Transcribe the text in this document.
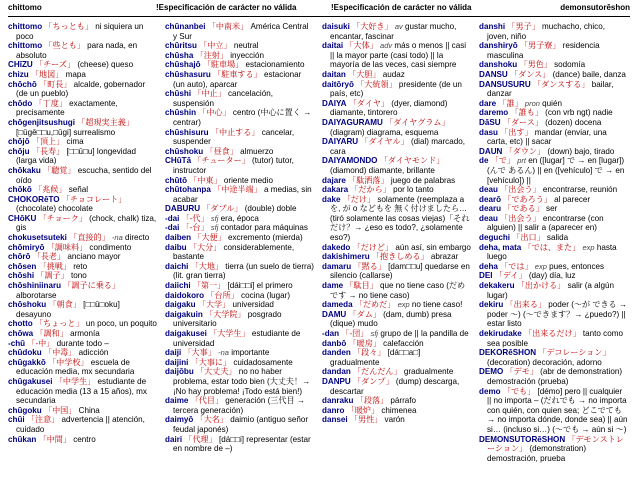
chittomo	!Especificación de carácter no válida	!Especificación de carácter no válida	demonsutorēshon
chittomo 「ちっとも」 ni siquiera un poco
chittomo 「些とも」 para nada, en absoluto
CHīZU 「チーズ」 (cheese) queso
chizu 「地図」 mapa
chōchō 「町長」 alcalde, gobernador (de un pueblo)
chōdo 「丁度」 exactamente, precisamente
chōgenjitsushugi 「超現実主義」 [□ūgē□□u,□ūgi] surrealismo
chōjō 「頂上」 cima
chōju 「長寿」 [□□ū□u] longevidad (larga vida)
chōkaku 「聴覚」 escucha, sentido del oído
chōkō 「兆候」 señal
CHOKORēTO 「チョコレート」 (chocolate) chocolate
CHōKU 「チョーク」 (chock, chalk) tiza, gis
chokusetsuteki 「直接的」 -na directo
chōmiryō 「調味料」 condimento
chōrō 「長老」 anciano mayor
chōsen 「挑戦」 reto
chōshi 「調子」 tono
chōshiniinaru 「調子に乗る」 alborotarse
chōshoku 「朝食」 [□□ū□oku] desayuno
chotto 「ちょっと」 un poco, un poquito
chōwa 「調和」 armonía
-chū 「-中」 durante todo –
chūdoku 「中毒」 adicción
chūgakkō 「中学校」 escuela de educación media, mx secundaria
chūgakusei 「中学生」 estudiante de educación media (13 a 15 años), mx secundaria
chūgoku 「中国」 China
chūi 「注意」 advertencia || atención, cuidado
chūkan 「中間」 centro
chūnanbei 「中南米」 América Central y Sur
chūritsu 「中立」 neutral
chūsha 「注射」 inyección
chūshajō 「駐車場」 estacionamiento
chūshasuru 「駐車する」 estacionar (un auto), aparcar
chūshi 「中止」 cancelación, suspensión
chūshin 「中心」 centro (中心に置く → centrar)
chūshisuru 「中止する」 cancelar, suspender
chūshoku 「昼食」 almuerzo
CHūTā 「チューター」 (tutor) tutor, instructor
chūtō 「中東」 oriente medio
chūtohanpa 「中途半端」 a medias, sin acabar
DABURU 「ダブル」 (double) doble
-dai 「-代」 sfj era, época
-dai 「-台」 sfj contador para máquinas
daiben 「大便」 excremento (mierda)
daibu 「大分」 considerablemente, bastante
daichi 「大地」 tierra (un suelo de tierra) (lit. gran tierra)
daiichi 「第一」 [dái□□i] el primero
daidokoro 「台所」 cocina (lugar)
daigaku 「大学」 universidad
daigakuin 「大学院」 posgrado universitario
daigakusei 「大学生」 estudiante de universidad
daiji 「大事」 -na importante
daijini 「大事に」 cuidadosamente
daijōbu 「大丈夫」 no no haber problema, estar todo bien (大丈夫！→ ¡No hay problema! ¡Todo está bien!)
daime 「代目」 generación (三代目 → tercera generación)
daimyō 「大名」 daimio (antiguo señor feudal japonés)
dairi 「代理」 [dá□□i] representar (estar en nombre de –)
daisuki 「大好き」 av gustar mucho, encantar, fascinar
daitai 「大体」 adv más o menos || casi || la mayor parte (casi todo) || la mayoría de las veces, casi siempre
daitan 「大胆」 audaz
daitōryō 「大統領」 presidente (de un país, etc)
DAIYA 「ダイヤ」 (dyer, diamond) diamante, tintorero
DAIYAGURAMU 「ダイヤグラム」 (diagram) diagrama, esquema
DAIYARU 「ダイヤル」 (dial) marcado, cara
DAIYAMONDO 「ダイヤモンド」 (diamond) diamante, brillante
dajare 「駄洒落」 juego de palabras
dakara 「だから」 por lo tanto
dake 「だけ」 solamente (reemplaza a を, が o などもを 無く付けましたら… (tiró solamente las cosas viejas)「それだけ？→ ¿eso es todo?, ¿solamente eso?)
dakedo 「だけど」 aún así, sin embargo
dakishimeru 「抱きしめる」 abrazar
damaru 「黙る」 [dam□□u] quedarse en silencio (callarse)
dame 「駄目」 que no tiene caso (だめです → no tiene caso)
dameda 「だめだ」 exp no tiene caso!
DAMU 「ダム」 (dam, dumb) presa (dique) mudo
-dan 「-団」 sfj grupo de || la pandilla de
danbō 「暖房」 calefacción
danden 「段々」 [dá□□a□] gradualmente
dandan 「だんだん」 gradualmente
DANPU 「ダンプ」 (dump) descarga, descartar
danraku 「段落」 párrafo
danro 「暖炉」 chimenea
dansei 「男性」 varón
danshi 「男子」 muchacho, chico, joven, niño
danshiryō 「男子寮」 residencia masculina
danshoku 「男色」 sodomía
DANSU 「ダンス」 (dance) baile, danza
DANSUSURU 「ダンスする」 bailar, danzar
dare 「誰」 pron quién
daremo 「誰も」 (con vrb ngt) nadie
DāSU 「ダース」 (dozen) docena
dasu 「出す」 mandar (enviar, una carta, etc) || sacar
DAUN 「ダウン」 (down) bajo, tirado
de 「で」 prt en ([lugar] で → en [lugar]) (んで あるん) || en ([vehículo] で → en [vehículo]) ||
deau 「出会う」 encontrarse, reunión
dearō 「であろう」 al parecer
dearu 「である」 ser
deau 「出会う」 encontrarse (con alguien) || salir a (aparecer en)
deguchi 「出口」 salida
deha, mata 「では、また」 exp hasta luego
deha 「では」 exp pues, entonces
DEI 「デイ」 (day) día, luz
dekakeru 「出かける」 salir (a algún lugar)
dekiru 「出来る」 poder (〜が できる → poder 〜) (〜できます？→ ¿puedo?) || estar listo
dekirudake 「出来るだけ」 tanto como sea posible
DEKORēSHON 「デコレーション」 (decoration) decoración, adorno
DEMO 「デモ」 (abr de demonstration) demostración (prueba)
demo 「でも」 [démo] pero || cualquier || no importa – (だれでも → no importa con quién, con quien sea; どこでても → no importa dónde, donde sea) || aún si… (incluso si…) (〜でも → aún si 〜)
DEMONSUTORēSHON 「デモンストレーション」 (demonstration) demostración, prueba
